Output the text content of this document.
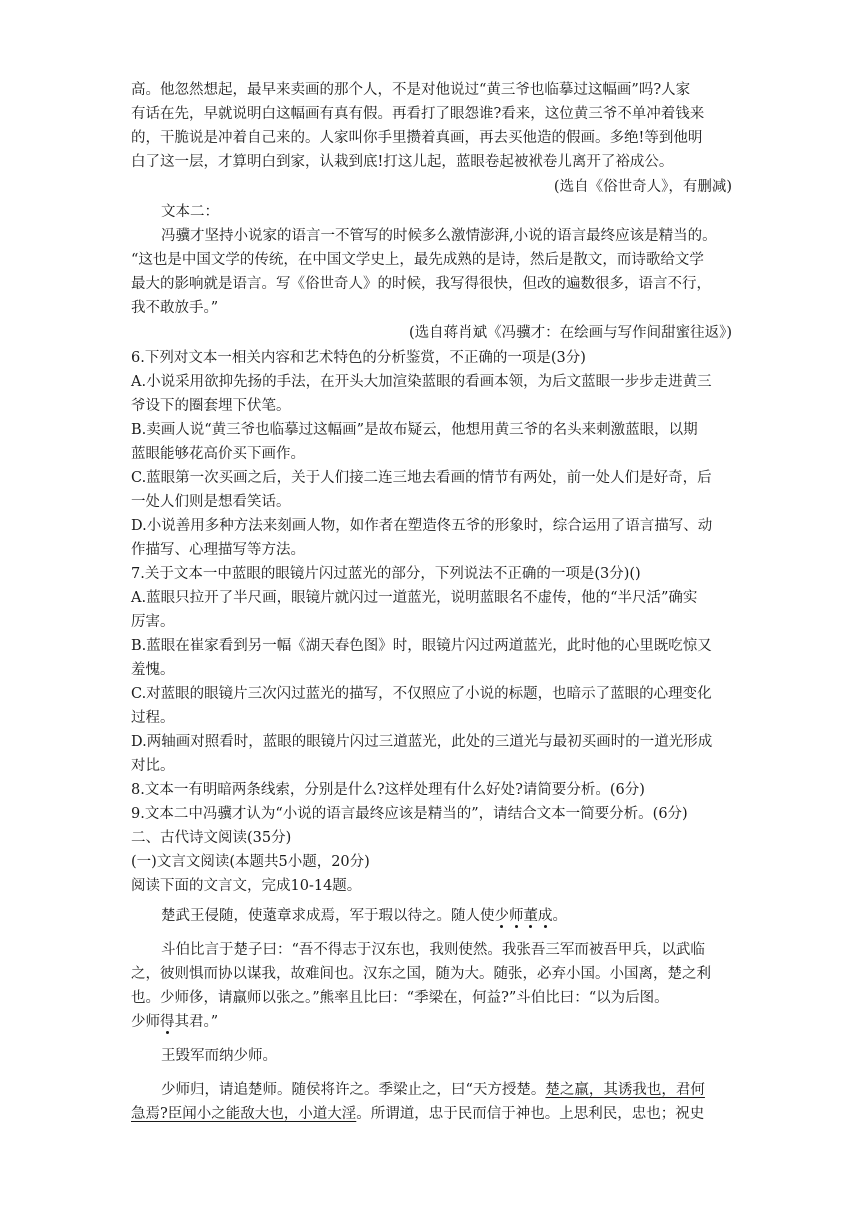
高。他忽然想起，最早来卖画的那个人，不是对他说过“黄三爷也临摹过这幅画”吗?人家
有话在先，早就说明白这幅画有真有假。再看打了眼怨谁?看来，这位黄三爷不单冲着钱来
的，干脆说是冲着自己来的。人家叫你手里攒着真画，再去买他造的假画。多绝!等到他明
白了这一层，才算明白到家，认栽到底!打这儿起，蓝眼卷起被袱卷儿离开了裕成公。
(选自《俗世奇人》，有删减)
文本二：
冯骥才坚持小说家的语言一不管写的时候多么激情澎湃,小说的语言最终应该是精当的。
“这也是中国文学的传统，在中国文学史上，最先成熟的是诗，然后是散文，而诗歌给文学
最大的影响就是语言。写《俗世奇人》的时候，我写得很快，但改的遍数很多，语言不行，
我不敢放手。”
(选自蒋肖斌《冯骥才：在绘画与写作间甜蜜往返》)
6.下列对文本一相关内容和艺术特色的分析鉴赏，不正确的一项是(3分)
A.小说采用欲抑先扬的手法，在开头大加渲染蓝眼的看画本领，为后文蓝眼一步步走进黄三
爷设下的圈套埋下伏笔。
B.卖画人说“黄三爷也临摹过这幅画”是故布疑云，他想用黄三爷的名头来刺激蓝眼，以期
蓝眼能够花高价买下画作。
C.蓝眼第一次买画之后，关于人们接二连三地去看画的情节有两处，前一处人们是好奇，后
一处人们则是想看笑话。
D.小说善用多种方法来刻画人物，如作者在塑造佟五爷的形象时，综合运用了语言描写、动
作描写、心理描写等方法。
7.关于文本一中蓝眼的眼镜片闪过蓝光的部分，下列说法不正确的一项是(3分)()
A.蓝眼只拉开了半尺画，眼镜片就闪过一道蓝光，说明蓝眼名不虚传，他的“半尺活”确实
厉害。
B.蓝眼在崔家看到另一幅《湖天春色图》时，眼镜片闪过两道蓝光，此时他的心里既吃惊又
羞愧。
C.对蓝眼的眼镜片三次闪过蓝光的描写，不仅照应了小说的标题，也暗示了蓝眼的心理变化
过程。
D.两轴画对照看时，蓝眼的眼镜片闪过三道蓝光，此处的三道光与最初买画时的一道光形成
对比。
8.文本一有明暗两条线索，分别是什么?这样处理有什么好处?请简要分析。(6分)
9.文本二中冯骥才认为“小说的语言最终应该是精当的”，请结合文本一简要分析。(6分)
二、古代诗文阅读(35分)
(一)文言文阅读(本题共5小题，20分)
阅读下面的文言文，完成10-14题。
楚武王侵随，使薳章求成焉，军于瑕以待之。随人使少师董成。
斗伯比言于楚子曰：“吾不得志于汉东也，我则使然。我张吾三军而被吾甲兵，以武临
之，彼则惧而协以谋我，故难间也。汉东之国，随为大。随张，必弃小国。小国离，楚之利
也。少师侈，请羸师以张之。”熊率且比曰：“季梁在，何益?”斗伯比曰：“以为后图。
少师得其君。”
王毁军而纳少师。
少师归，请追楚师。随侯将许之。季梁止之，曰“天方授楚。楚之羸，其诱我也，君何
急焉?臣闻小之能敌大也，小道大淫。所谓道，忠于民而信于神也。上思利民，忠也；祝史
